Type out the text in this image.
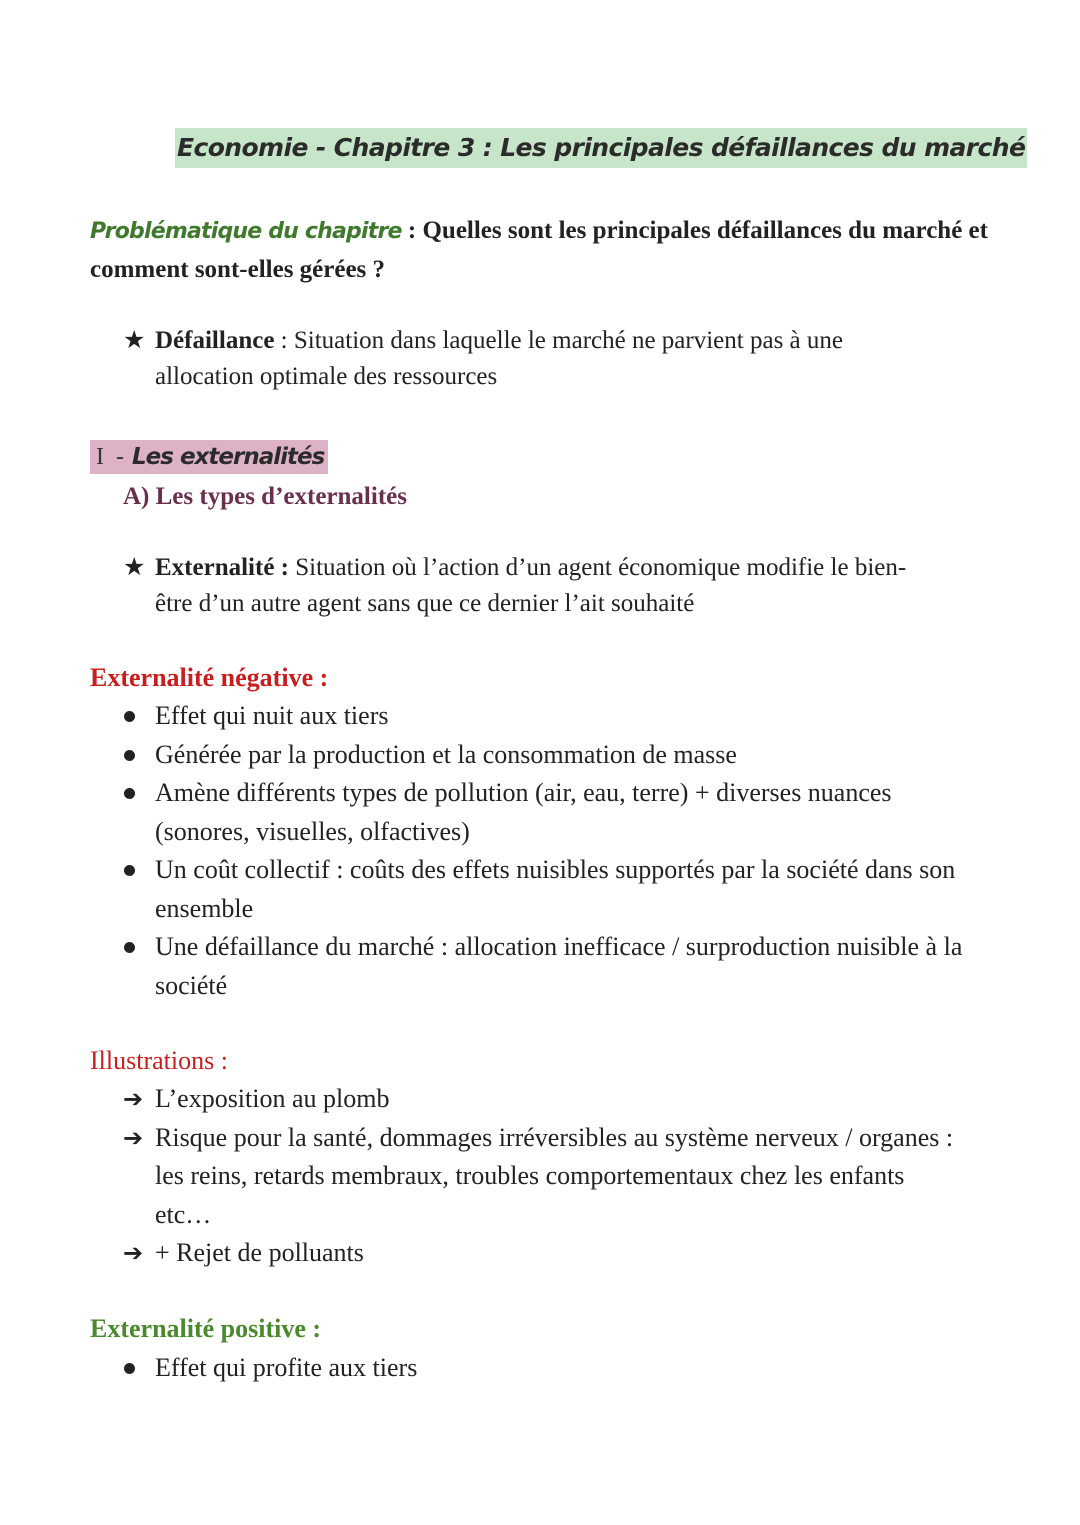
Economie - Chapitre 3 : Les principales défaillances du marché
Problématique du chapitre : Quelles sont les principales défaillances du marché et comment sont-elles gérées ?
★ Défaillance : Situation dans laquelle le marché ne parvient pas à une allocation optimale des ressources
I - Les externalités
A) Les types d’externalités
★ Externalité : Situation où l’action d’un agent économique modifie le bien-être d’un autre agent sans que ce dernier l’ait souhaité
Externalité négative :
Effet qui nuit aux tiers
Générée par la production et la consommation de masse
Amène différents types de pollution (air, eau, terre) + diverses nuances (sonores, visuelles, olfactives)
Un coût collectif : coûts des effets nuisibles supportés par la société dans son ensemble
Une défaillance du marché : allocation inefficace / surproduction nuisible à la société
Illustrations :
➔ L’exposition au plomb
➔ Risque pour la santé, dommages irréversibles au système nerveux / organes : les reins, retards membraux, troubles comportementaux chez les enfants etc…
➔ + Rejet de polluants
Externalité positive :
Effet qui profite aux tiers
